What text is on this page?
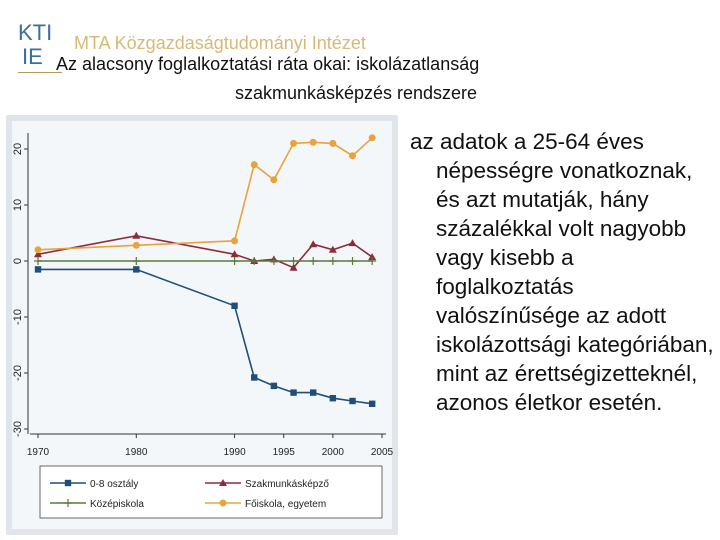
KTI
IE
MTA Közgazdaságtudományi Intézet
Az alacsony foglalkoztatási ráta okai: iskolázatlanság
szakmunkásképzés rendszere
20
10
0
-10
-20
-30
1970	1980	1990	1995	2000	2005
0-8 osztály	Szakmunkásképző
Középiskola	Főiskola, egyetem

az adatok a 25-64 éves népességre vonatkoznak, és azt mutatják, hány százalékkal volt nagyobb vagy kisebb a foglalkoztatás valószínűsége az adott iskolázottsági kategóriában, mint az érettségizetteknél, azonos életkor esetén.
